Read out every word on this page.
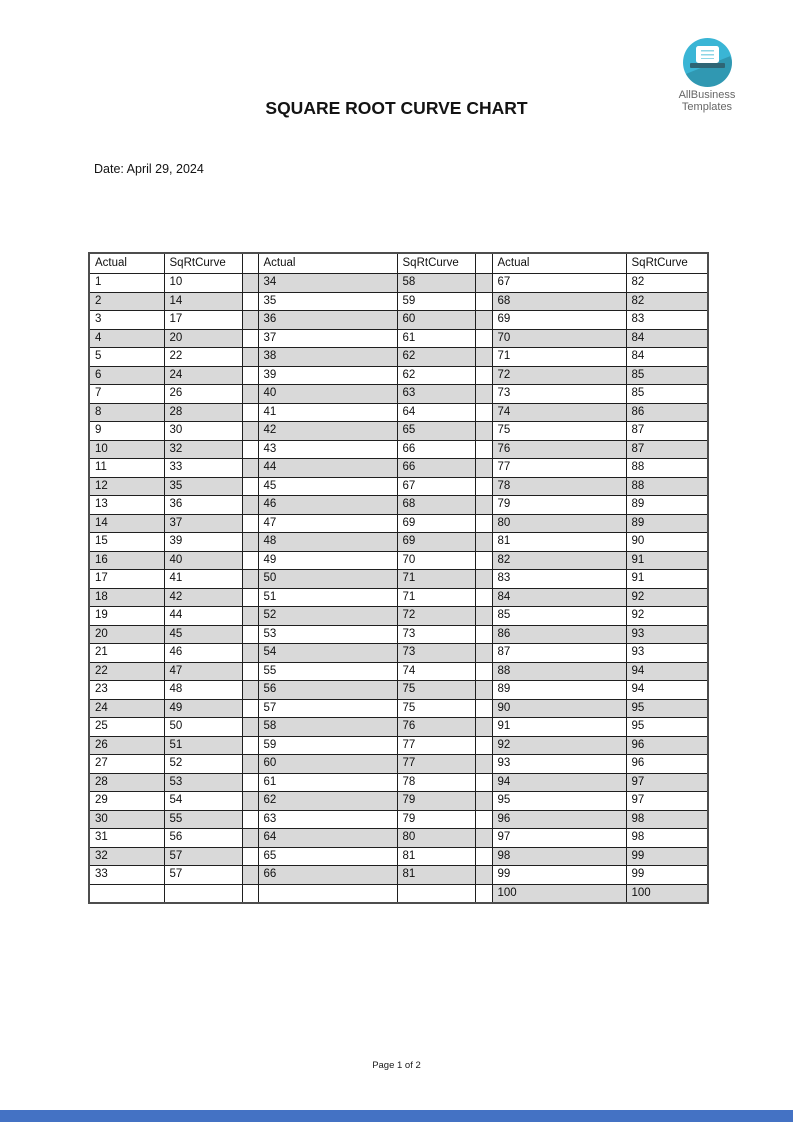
AllBusiness
Templates
SQUARE ROOT CURVE CHART

Date: April 29, 2024

Actual	SqRtCurve		Actual	SqRtCurve		Actual	SqRtCurve
1	10		34	58		67	82
2	14		35	59		68	82
3	17		36	60		69	83
4	20		37	61		70	84
5	22		38	62		71	84
6	24		39	62		72	85
7	26		40	63		73	85
8	28		41	64		74	86
9	30		42	65		75	87
10	32		43	66		76	87
11	33		44	66		77	88
12	35		45	67		78	88
13	36		46	68		79	89
14	37		47	69		80	89
15	39		48	69		81	90
16	40		49	70		82	91
17	41		50	71		83	91
18	42		51	71		84	92
19	44		52	72		85	92
20	45		53	73		86	93
21	46		54	73		87	93
22	47		55	74		88	94
23	48		56	75		89	94
24	49		57	75		90	95
25	50		58	76		91	95
26	51		59	77		92	96
27	52		60	77		93	96
28	53		61	78		94	97
29	54		62	79		95	97
30	55		63	79		96	98
31	56		64	80		97	98
32	57		65	81		98	99
33	57		66	81		99	99
						100	100

Page 1 of 2
